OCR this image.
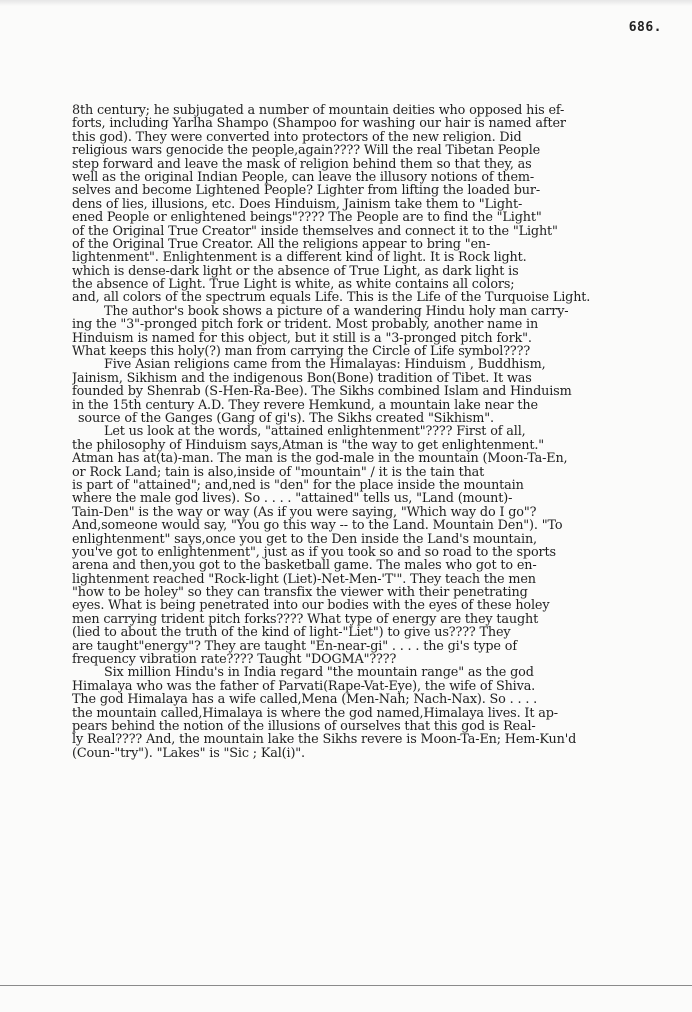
686.
8th century; he subjugated a number of mountain deities who opposed his ef-
forts, including Yarlha Shampo (Shampoo for washing our hair is named after
this god). They were converted into protectors of the new religion. Did
religious wars genocide the people,again???? Will the real Tibetan People
step forward and leave the mask of religion behind them so that they, as
well as the original Indian People, can leave the illusory notions of them-
selves and become Lightened People? Lighter from lifting the loaded bur-
dens of lies, illusions, etc. Does Hinduism, Jainism take them to "Light-
ened People or enlightened beings"???? The People are to find the "Light"
of the Original True Creator" inside themselves and connect it to the "Light"
of the Original True Creator. All the religions appear to bring "en-
lightenment". Enlightenment is a different kind of light. It is Rock light.
which is dense-dark light or the absence of True Light, as dark light is
the absence of Light. True Light is white, as white contains all colors;
and, all colors of the spectrum equals Life. This is the Life of the Turquoise Light.
The author's book shows a picture of a wandering Hindu holy man carry-
ing the "3"-pronged pitch fork or trident. Most probably, another name in
Hinduism is named for this object, but it still is a "3-pronged pitch fork".
What keeps this holy(?) man from carrying the Circle of Life symbol????
Five Asian religions came from the Himalayas: Hinduism , Buddhism,
Jainism, Sikhism and the indigenous Bon(Bone) tradition of Tibet. It was
founded by Shenrab (S-Hen-Ra-Bee). The Sikhs combined Islam and Hinduism
in the 15th century A.D. They revere Hemkund, a mountain lake near the
source of the Ganges (Gang of gi's). The Sikhs created "Sikhism".
Let us look at the words, "attained enlightenment"???? First of all,
the philosophy of Hinduism says,Atman is "the way to get enlightenment."
Atman has at(ta)-man. The man is the god-male in the mountain (Moon-Ta-En,
or Rock Land; tain is also,inside of "mountain" / it is the tain that
is part of "attained"; and,ned is "den" for the place inside the mountain
where the male god lives). So . . . . "attained" tells us, "Land (mount)-
Tain-Den" is the way or way (As if you were saying, "Which way do I go"?
And,someone would say, "You go this way -- to the Land. Mountain Den"). "To
enlightenment" says,once you get to the Den inside the Land's mountain,
you've got to enlightenment", just as if you took so and so road to the sports
arena and then,you got to the basketball game. The males who got to en-
lightenment reached "Rock-light (Liet)-Net-Men-'T'". They teach the men
"how to be holey" so they can transfix the viewer with their penetrating
eyes. What is being penetrated into our bodies with the eyes of these holey
men carrying trident pitch forks???? What type of energy are they taught
(lied to about the truth of the kind of light-"Liet") to give us???? They
are taught"energy"? They are taught "En-near-gi" . . . . the gi's type of
frequency vibration rate???? Taught "DOGMA"????
Six million Hindu's in India regard "the mountain range" as the god
Himalaya who was the father of Parvati(Rape-Vat-Eye), the wife of Shiva.
The god Himalaya has a wife called,Mena (Men-Nah; Nach-Nax). So . . . .
the mountain called,Himalaya is where the god named,Himalaya lives. It ap-
pears behind the notion of the illusions of ourselves that this god is Real-
ly Real???? And, the mountain lake the Sikhs revere is Moon-Ta-En; Hem-Kun'd
(Coun-"try"). "Lakes" is "Sic ; Kal(i)".
